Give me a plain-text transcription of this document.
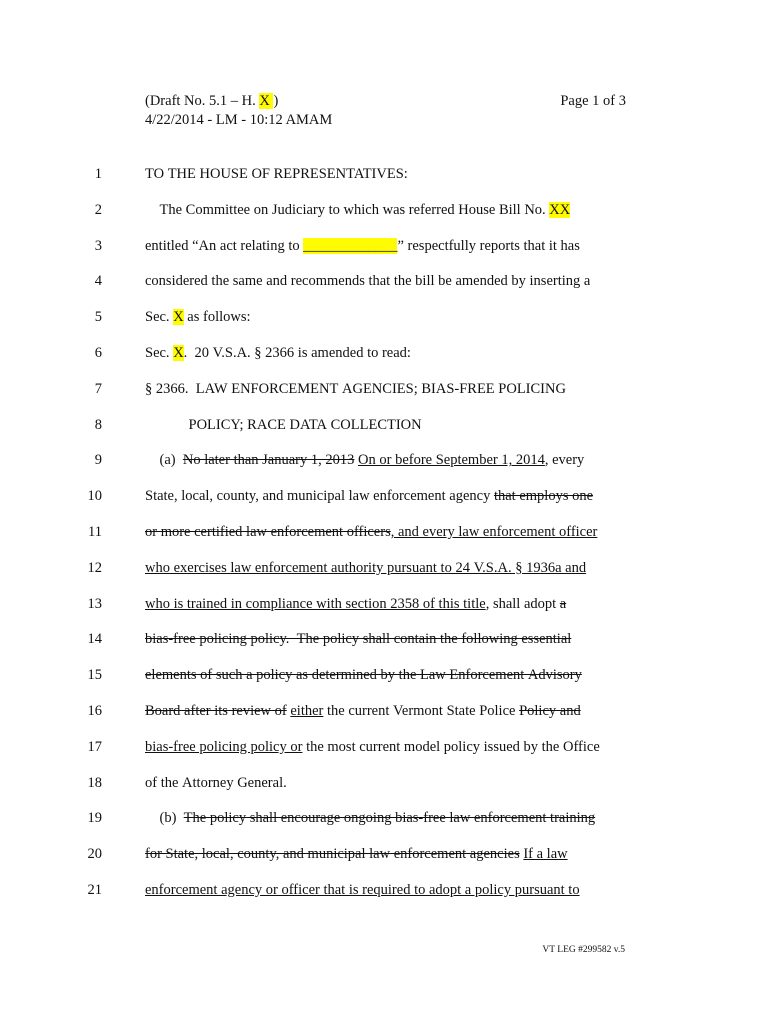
(Draft No. 5.1 – H. X )
4/22/2014 - LM - 10:12 AMAM
Page 1 of 3
1	TO THE HOUSE OF REPRESENTATIVES:
2	The Committee on Judiciary to which was referred House Bill No. XX
3	entitled “An act relating to _____________” respectfully reports that it has
4	considered the same and recommends that the bill be amended by inserting a
5	Sec. X as follows:
6	Sec. X.  20 V.S.A. § 2366 is amended to read:
7	§ 2366.  LAW ENFORCEMENT AGENCIES; BIAS-FREE POLICING
8	POLICY; RACE DATA COLLECTION
9	(a)  No later than January 1, 2013 On or before September 1, 2014, every
10	State, local, county, and municipal law enforcement agency that employs one
11	or more certified law enforcement officers, and every law enforcement officer
12	who exercises law enforcement authority pursuant to 24 V.S.A. § 1936a and
13	who is trained in compliance with section 2358 of this title, shall adopt a
14	bias-free policing policy.  The policy shall contain the following essential
15	elements of such a policy as determined by the Law Enforcement Advisory
16	Board after its review of either the current Vermont State Police Policy and
17	bias-free policing policy or the most current model policy issued by the Office
18	of the Attorney General.
19	(b)  The policy shall encourage ongoing bias-free law enforcement training
20	for State, local, county, and municipal law enforcement agencies If a law
21	enforcement agency or officer that is required to adopt a policy pursuant to
VT LEG #299582 v.5
